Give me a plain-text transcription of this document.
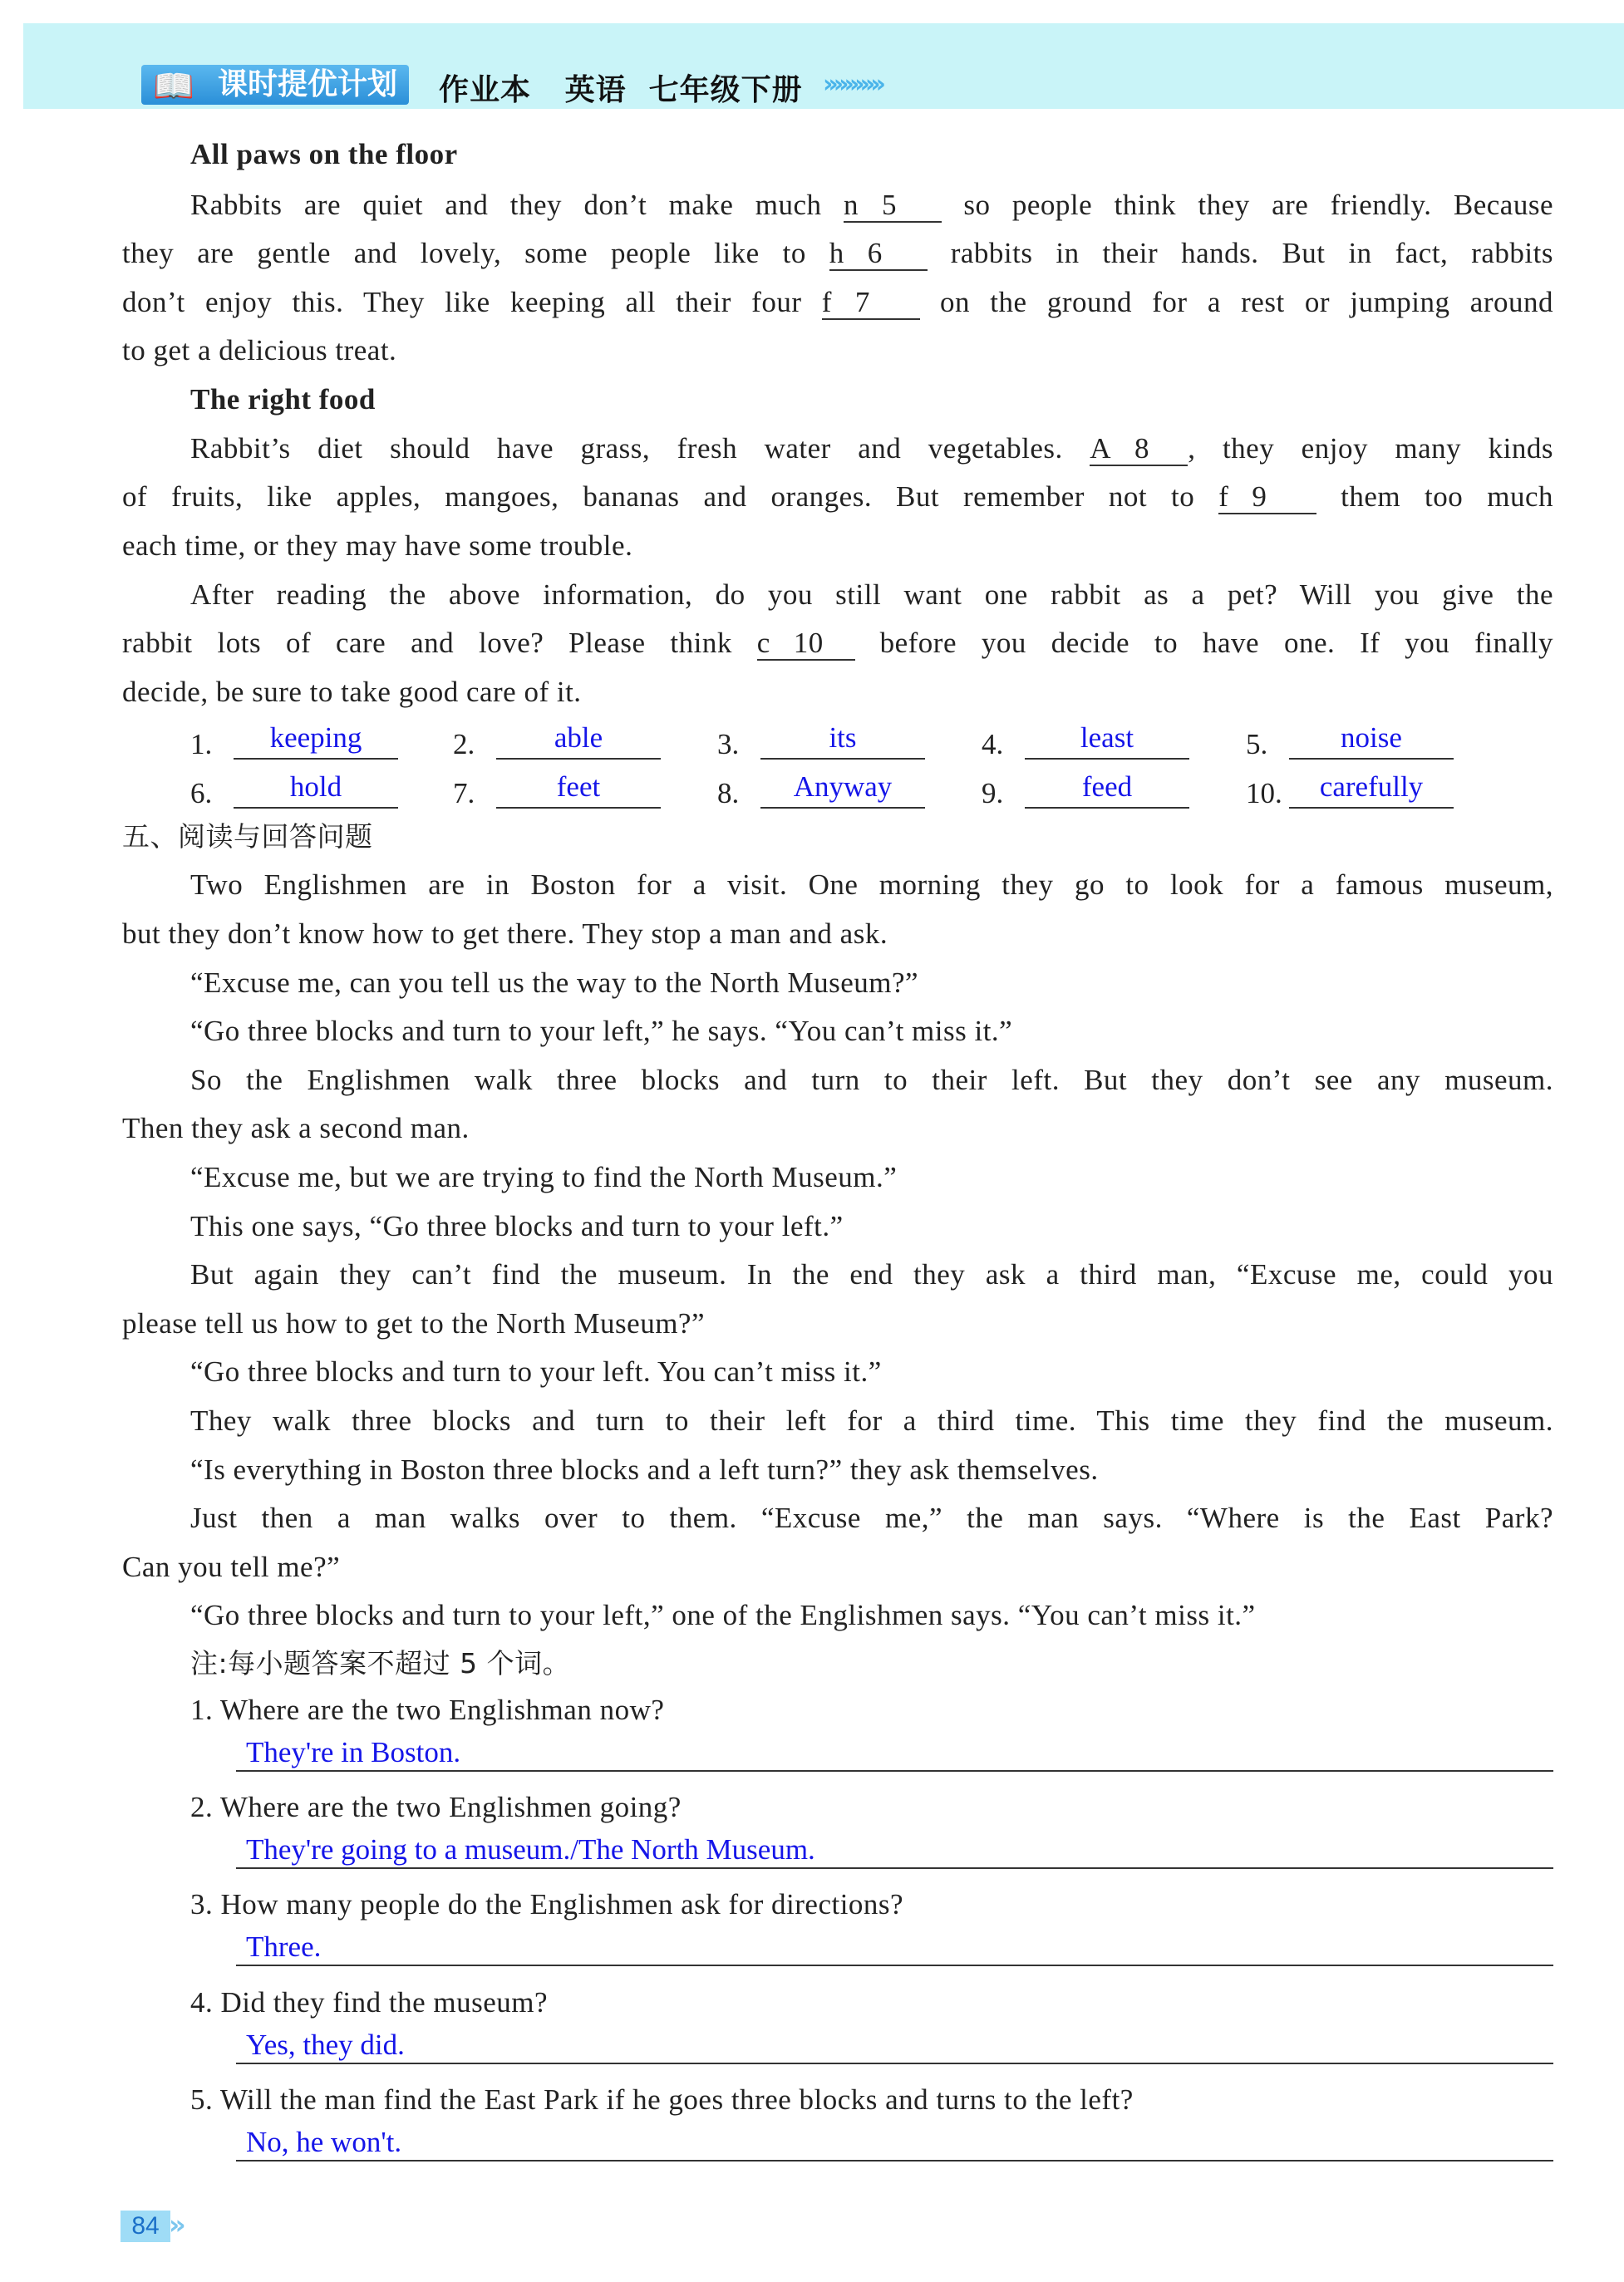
📖 课时提优计划	作业本   英语  七年级下册 ›››››››››››
All paws on the floor
Rabbits are quiet and they don’t make much n 5 so people think they are friendly. Because
they are gentle and lovely, some people like to h 6 rabbits in their hands. But in fact, rabbits
don’t enjoy this. They like keeping all their four f 7 on the ground for a rest or jumping around
to get a delicious treat.
The right food
Rabbit’s diet should have grass, fresh water and vegetables. A 8 , they enjoy many kinds
of fruits, like apples, mangoes, bananas and oranges. But remember not to f 9 them too much
each time, or they may have some trouble.
After reading the above information, do you still want one rabbit as a pet? Will you give the
rabbit lots of care and love? Please think c 10 before you decide to have one. If you finally
decide, be sure to take good care of it.
1.	keeping	2.	able	3.	its	4.	least	5.	noise
6.	hold	7.	feet	8.	Anyway	9.	feed	10.	carefully
五、阅读与回答问题
Two Englishmen are in Boston for a visit. One morning they go to look for a famous museum,
but they don’t know how to get there. They stop a man and ask.
“Excuse me, can you tell us the way to the North Museum?”
“Go three blocks and turn to your left,” he says. “You can’t miss it.”
So the Englishmen walk three blocks and turn to their left. But they don’t see any museum.
Then they ask a second man.
“Excuse me, but we are trying to find the North Museum.”
This one says, “Go three blocks and turn to your left.”
But again they can’t find the museum. In the end they ask a third man, “Excuse me, could you
please tell us how to get to the North Museum?”
“Go three blocks and turn to your left. You can’t miss it.”
They walk three blocks and turn to their left for a third time. This time they find the museum.
“Is everything in Boston three blocks and a left turn?” they ask themselves.
Just then a man walks over to them. “Excuse me,” the man says. “Where is the East Park?
Can you tell me?”
“Go three blocks and turn to your left,” one of the Englishmen says. “You can’t miss it.”
注:每小题答案不超过 5 个词。
1. Where are the two Englishman now?
They're in Boston.
2. Where are the two Englishmen going?
They're going to a museum./The North Museum.
3. How many people do the Englishmen ask for directions?
Three.
4. Did they find the museum?
Yes, they did.
5. Will the man find the East Park if he goes three blocks and turns to the left?
No, he won't.
84 »
